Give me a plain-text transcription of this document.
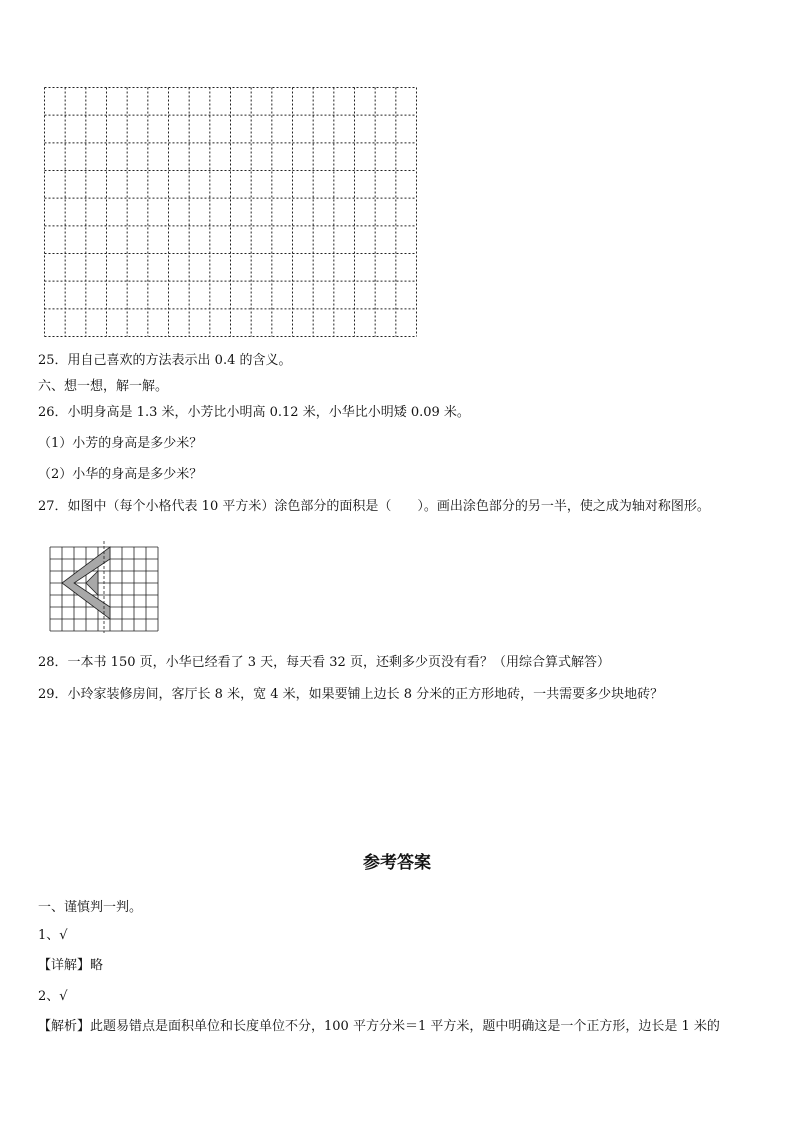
25．用自己喜欢的方法表示出 0.4 的含义。
六、想一想，解一解。
26．小明身高是 1.3 米，小芳比小明高 0.12 米，小华比小明矮 0.09 米。
（1）小芳的身高是多少米？
（2）小华的身高是多少米？
27．如图中（每个小格代表 10 平方米）涂色部分的面积是（　　）。画出涂色部分的另一半，使之成为轴对称图形。
28．一本书 150 页，小华已经看了 3 天，每天看 32 页，还剩多少页没有看？（用综合算式解答）
29．小玲家装修房间，客厅长 8 米，宽 4 米，如果要铺上边长 8 分米的正方形地砖，一共需要多少块地砖？
参考答案
一、谨慎判一判。
1、√
【详解】略
2、√
【解析】此题易错点是面积单位和长度单位不分，100 平方分米＝1 平方米，题中明确这是一个正方形，边长是 1 米的
